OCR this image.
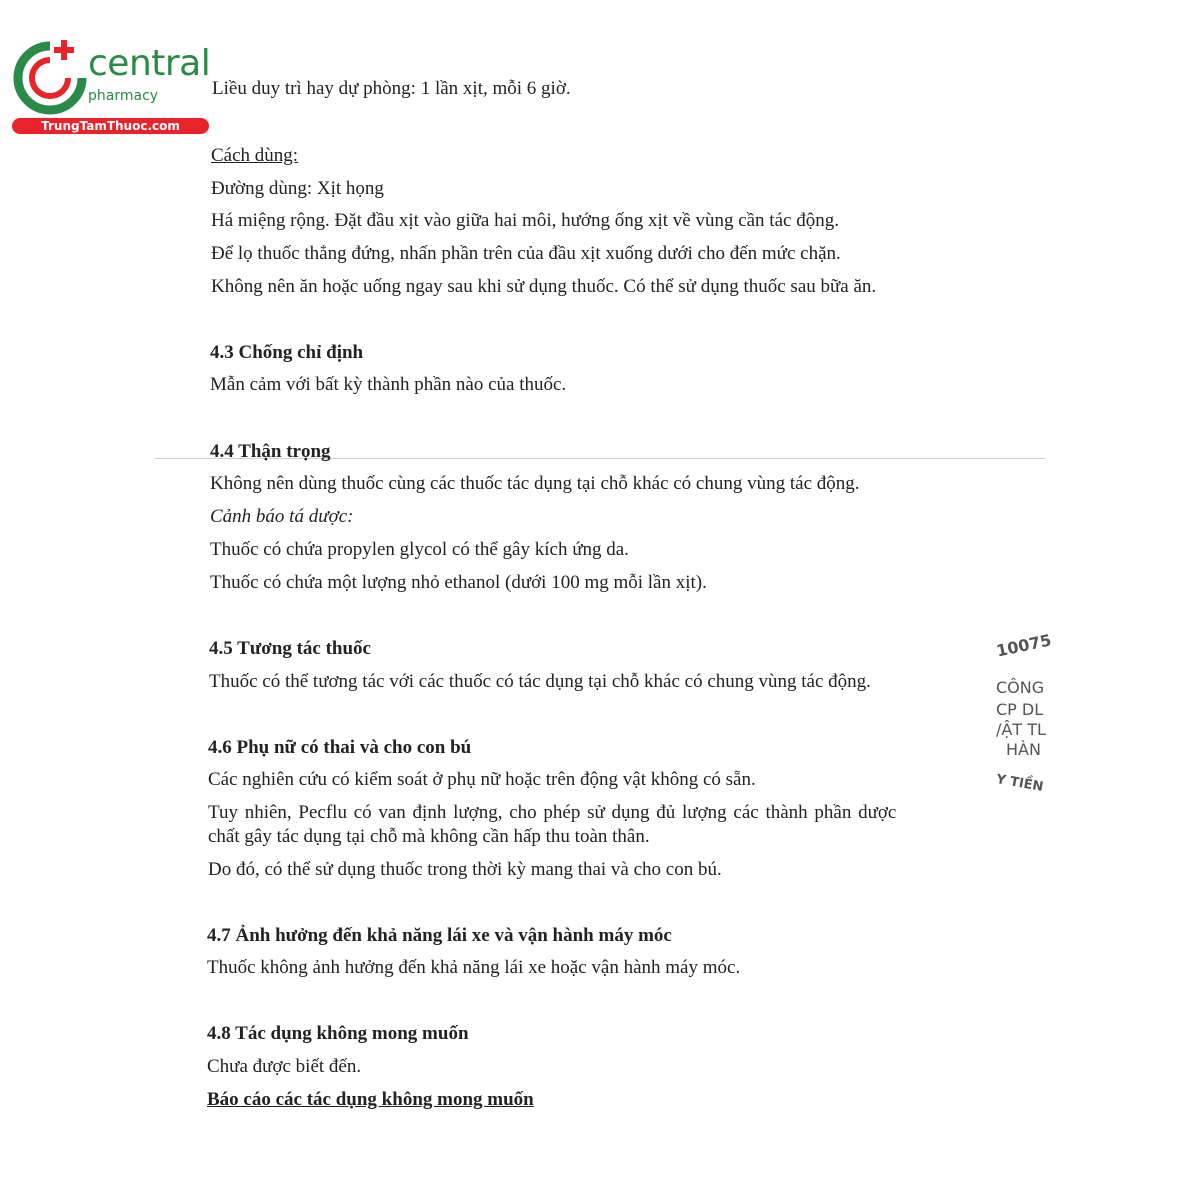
central
pharmacy
TrungTamThuoc.com
10075
CÔNG
CP DL
/ẬT TL
HÀN
Y TIỀN
Liều duy trì hay dự phòng: 1 lần xịt, mỗi 6 giờ.
Cách dùng:
Đường dùng: Xịt họng
Há miệng rộng. Đặt đầu xịt vào giữa hai môi, hướng ống xịt về vùng cần tác động.
Để lọ thuốc thẳng đứng, nhấn phần trên của đầu xịt xuống dưới cho đến mức chặn.
Không nên ăn hoặc uống ngay sau khi sử dụng thuốc. Có thể sử dụng thuốc sau bữa ăn.
4.3 Chống chỉ định
Mẫn cảm với bất kỳ thành phần nào của thuốc.
4.4 Thận trọng
Không nên dùng thuốc cùng các thuốc tác dụng tại chỗ khác có chung vùng tác động.
Cảnh báo tá dược:
Thuốc có chứa propylen glycol có thể gây kích ứng da.
Thuốc có chứa một lượng nhỏ ethanol (dưới 100 mg mỗi lần xịt).
4.5 Tương tác thuốc
Thuốc có thể tương tác với các thuốc có tác dụng tại chỗ khác có chung vùng tác động.
4.6 Phụ nữ có thai và cho con bú
Các nghiên cứu có kiểm soát ở phụ nữ hoặc trên động vật không có sẵn.
Tuy nhiên, Pecflu có van định lượng, cho phép sử dụng đủ lượng các thành phần dược
chất gây tác dụng tại chỗ mà không cần hấp thu toàn thân.
Do đó, có thể sử dụng thuốc trong thời kỳ mang thai và cho con bú.
4.7 Ảnh hưởng đến khả năng lái xe và vận hành máy móc
Thuốc không ảnh hưởng đến khả năng lái xe hoặc vận hành máy móc.
4.8 Tác dụng không mong muốn
Chưa được biết đến.
Báo cáo các tác dụng không mong muốn
